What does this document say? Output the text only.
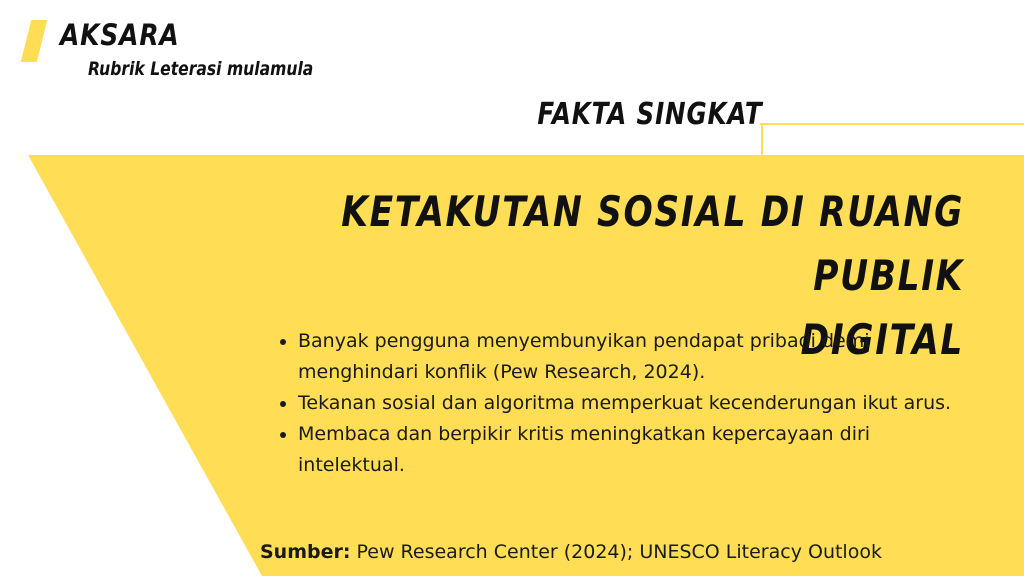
AKSARA
Rubrik Leterasi mulamula
FAKTA SINGKAT
KETAKUTAN SOSIAL DI RUANG PUBLIK
DIGITAL
• Banyak pengguna menyembunyikan pendapat pribadi demi menghindari konflik (Pew Research, 2024).
• Tekanan sosial dan algoritma memperkuat kecenderungan ikut arus.
• Membaca dan berpikir kritis meningkatkan kepercayaan diri intelektual.
Sumber: Pew Research Center (2024); UNESCO Literacy Outlook
